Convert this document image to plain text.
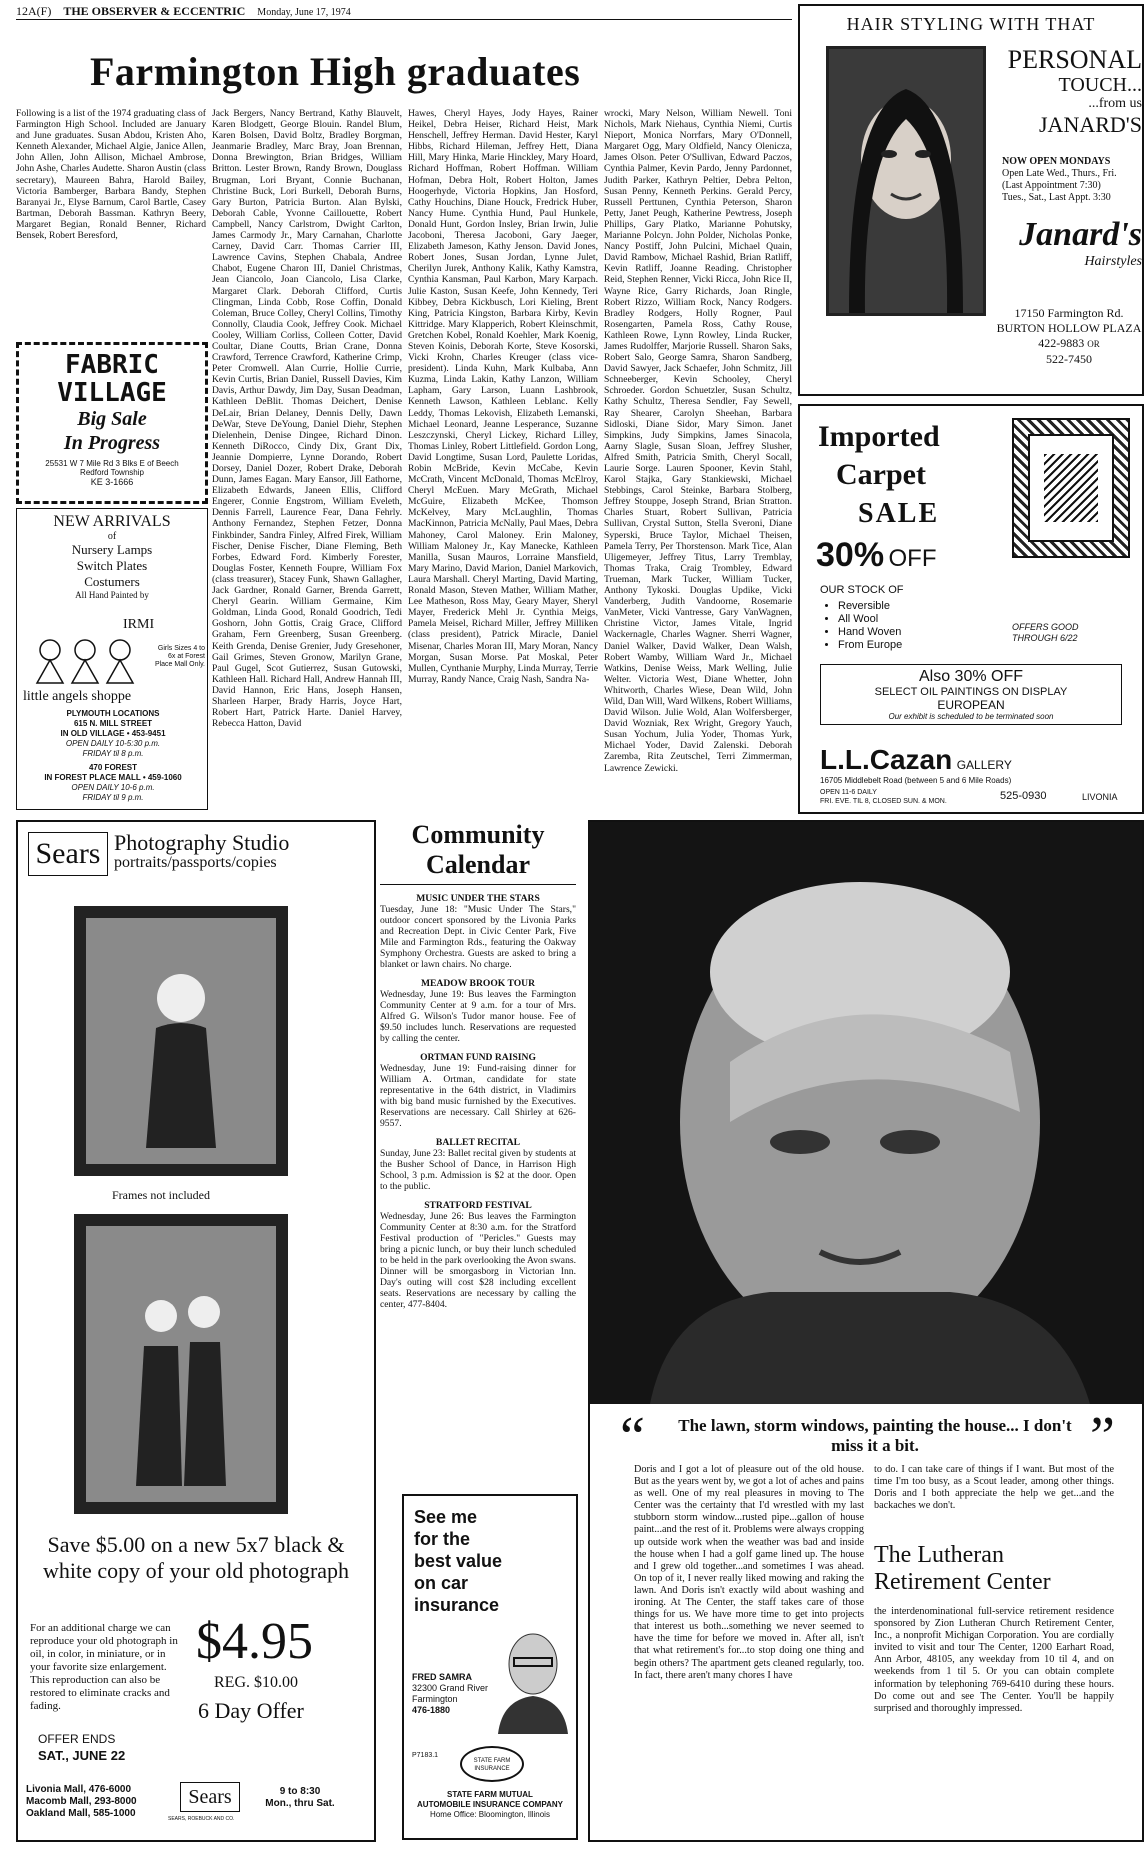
12A(F) THE OBSERVER & ECCENTRIC Monday, June 17, 1974
Farmington High graduates
Following is a list of the 1974 graduating class of Farmington High School. Included are January and June graduates. Susan Abdou, Kristen Aho, Kenneth Alexander, Michael Algie, Janice Allen, John Allen, John Allison, Michael Ambrose, John Ashe, Charles Audette. Sharon Austin (class secretary), Maureen Bahra, Harold Bailey, Victoria Bamberger, Barbara Bandy, Stephen Baranyai Jr., Elyse Barnum, Carol Bartle, Casey Bartman, Deborah Bassman. Kathryn Beery, Margaret Begian, Ronald Benner, Richard Bensek, Robert Beresford,
Jack Bergers, Nancy Bertrand, Kathy Blauvelt, Karen Blodgett, George Blouin. Randel Blum, Karen Bolsen, David Boltz, Bradley Borgman, Jeanmarie Bradley, Marc Bray, Joan Brennan, Donna Brewington, Brian Bridges, William Britton. Lester Brown, Randy Brown, Douglass Brugman, Lori Bryant, Connie Buchanan, Christine Buck, Lori Burkell, Deborah Burns, Gary Burton, Patricia Burton. Alan Bylski, Deborah Cable, Yvonne Caillouette, Robert Campbell, Nancy Carlstrom, Dwight Carlton, James Carmody Jr., Mary Carnahan, Charlotte Carney, David Carr. Thomas Carrier III, Lawrence Cavins, Stephen Chabala, Andree Chabot, Eugene Charon III, Daniel Christmas, Jean Ciancolo, Joan Ciancolo, Lisa Clarke, Margaret Clark. Deborah Clifford, Curtis Clingman, Linda Cobb, Rose Coffin, Donald Coleman, Bruce Colley, Cheryl Collins, Timothy Connolly, Claudia Cook, Jeffrey Cook. Michael Cooley, William Corliss, Colleen Cotter, David Coultar, Diane Coutts, Brian Crane, Donna Crawford, Terrence Crawford, Katherine Crimp, Peter Cromwell. Alan Currie, Hollie Currie, Kevin Curtis, Brian Daniel, Russell Davies, Kim Davis, Arthur Dawdy, Jim Day, Susan Deadman, Kathleen DeBlit. Thomas Deichert, Denise DeLair, Brian Delaney, Dennis Delly, Dawn DeWar, Steve DeYoung, Daniel Diehr, Stephen Dielenhein, Denise Dingee, Richard Dinon. Kenneth DiRocco, Cindy Dix, Grant Dix, Jeannie Dompierre, Lynne Dorando, Robert Dorsey, Daniel Dozer, Robert Drake, Deborah Dunn, James Eagan. Mary Eansor, Jill Eathorne, Elizabeth Edwards, Janeen Ellis, Clifford Engerer, Connie Engstrom, William Eveleth, Dennis Farrell, Laurence Fear, Dana Fehrly. Anthony Fernandez, Stephen Fetzer, Donna Finkbinder, Sandra Finley, Alfred Firek, William Fischer, Denise Fischer, Diane Fleming, Beth Forbes, Edward Ford. Kimberly Forester, Douglas Foster, Kenneth Foupre, William Fox (class treasurer), Stacey Funk, Shawn Gallagher, Jack Gardner, Ronald Garner, Brenda Garrett, Cheryl Gearin. William Germaine, Kim Goldman, Linda Good, Ronald Goodrich, Tedi Goshorn, John Gottis, Craig Grace, Clifford Graham, Fern Greenberg, Susan Greenberg. Keith Grenda, Denise Grenier, Judy Gresehoner, Gail Grimes, Steven Gronow, Marilyn Grane, Paul Gugel, Scot Gutierrez, Susan Gutowski, Kathleen Hall. Richard Hall, Andrew Hannah III, David Hannon, Eric Hans, Joseph Hansen, Sharleen Harper, Brady Harris, Joyce Hart, Robert Hart, Patrick Harte. Daniel Harvey, Rebecca Hatton, David
Hawes, Cheryl Hayes, Jody Hayes, Rainer Heikel, Debra Heiser, Richard Heist, Mark Henschell, Jeffrey Herman. David Hester, Karyl Hibbs, Richard Hileman, Jeffrey Hett, Diana Hill, Mary Hinka, Marie Hinckley, Mary Hoard, Richard Hoffman, Robert Hoffman. William Hofman, Debra Holt, Robert Holton, James Hoogerhyde, Victoria Hopkins, Jan Hosford, Cathy Houchins, Diane Houck, Fredrick Huber, Nancy Hume. Cynthia Hund, Paul Hunkele, Donald Hunt, Gordon Insley, Brian Irwin, Julie Jacoboni, Theresa Jacoboni, Gary Jaeger, Elizabeth Jameson, Kathy Jenson. David Jones, Robert Jones, Susan Jordan, Lynne Julet, Cherilyn Jurek, Anthony Kalik, Kathy Kamstra, Cynthia Kansman, Paul Karbon, Mary Karpach. Julie Kaston, Susan Keefe, John Kennedy, Teri Kibbey, Debra Kickbusch, Lori Kieling, Brent King, Patricia Kingston, Barbara Kirby, Kevin Kittridge. Mary Klapperich, Robert Kleinschmit, Gretchen Kobel, Ronald Koehler, Mark Koenig, Steven Koinis, Deborah Korte, Steve Kosorski, Vicki Krohn, Charles Kreuger (class vice-president). Linda Kuhn, Mark Kulbaba, Ann Kuzma, Linda Lakin, Kathy Lanzon, William Lapham, Gary Larson, Luann Lashbrook, Kenneth Lawson, Kathleen Leblanc. Kelly Leddy, Thomas Lekovish, Elizabeth Lemanski, Michael Leonard, Jeanne Lesperance, Suzanne Leszczynski, Cheryl Lickey, Richard Lilley, Thomas Linley, Robert Littlefield. Gordon Long, David Longtime, Susan Lord, Paulette Loridas, Robin McBride, Kevin McCabe, Kevin McCrath, Vincent McDonald, Thomas McElroy, Cheryl McEuen. Mary McGrath, Michael McGuire, Elizabeth McKee, Thomson McKelvey, Mary McLaughlin, Thomas MacKinnon, Patricia McNally, Paul Maes, Debra Mahoney, Carol Maloney. Erin Maloney, William Maloney Jr., Kay Manecke, Kathleen Manilla, Susan Mauros, Lorraine Mansfield, Mary Marino, David Marion, Daniel Markovich, Laura Marshall. Cheryl Marting, David Marting, Ronald Mason, Steven Mather, William Mather, Lee Matheson, Ross May, Geary Mayer, Sheryl Mayer, Frederick Mehl Jr. Cynthia Meigs, Pamela Meisel, Richard Miller, Jeffrey Milliken (class president), Patrick Miracle, Daniel Misenar, Charles Moran III, Mary Moran, Nancy Morgan, Susan Morse. Pat Moskal, Peter Mullen, Cynthanie Murphy, Linda Murray, Terrie Murray, Randy Nance, Craig Nash, Sandra Na-
wrocki, Mary Nelson, William Newell. Toni Nichols, Mark Niehaus, Cynthia Niemi, Curtis Nieport, Monica Norrfars, Mary O'Donnell, Margaret Ogg, Mary Oldfield, Nancy Olenicza, James Olson. Peter O'Sullivan, Edward Paczos, Cynthia Palmer, Kevin Pardo, Jenny Pardonnet, Judith Parker, Kathryn Peltier, Debra Pelton, Susan Penny, Kenneth Perkins. Gerald Percy, Russell Perttunen, Cynthia Peterson, Sharon Petty, Janet Peugh, Katherine Pewtress, Joseph Phillips, Gary Platko, Marianne Pohutsky, Marianne Polcyn. John Polder, Nicholas Ponke, Nancy Postiff, John Pulcini, Michael Quain, David Rambow, Michael Rashid, Brian Ratliff, Kevin Ratliff, Joanne Reading. Christopher Reid, Stephen Renner, Vicki Ricca, John Rice II, Wayne Rice, Garry Richards, Joan Ringle, Robert Rizzo, William Rock, Nancy Rodgers. Bradley Rodgers, Holly Rogner, Paul Rosengarten, Pamela Ross, Cathy Rouse, Kathleen Rowe, Lynn Rowley, Linda Rucker, James Rudolffer, Marjorie Russell. Sharon Saks, Robert Salo, George Samra, Sharon Sandberg, David Sawyer, Jack Schaefer, John Schmitz, Jill Schneeberger, Kevin Schooley, Cheryl Schroeder. Gordon Schuetzler, Susan Schultz, Kathy Schultz, Theresa Sendler, Fay Sewell, Ray Shearer, Carolyn Sheehan, Barbara Sidloski, Diane Sidor, Mary Simon. Janet Simpkins, Judy Simpkins, James Sinacola, Aarny Slagle, Susan Sloan, Jeffrey Slusher, Alfred Smith, Patricia Smith, Cheryl Socall, Laurie Sorge. Lauren Spooner, Kevin Stahl, Karol Stajka, Gary Stankiewski, Michael Stebbings, Carol Steinke, Barbara Stolberg, Jeffrey Stouppe, Joseph Strand, Brian Stratton. Charles Stuart, Robert Sullivan, Patricia Sullivan, Crystal Sutton, Stella Sveroni, Diane Syperski, Bruce Taylor, Michael Theisen, Pamela Terry, Per Thorstenson. Mark Tice, Alan Uligemeyer, Jeffrey Titus, Larry Tremblay, Thomas Traka, Craig Trombley, Edward Trueman, Mark Tucker, William Tucker, Anthony Tykoski. Douglas Updike, Vicki Vanderberg, Judith Vandoorne, Rosemarie VanMeter, Vicki Vantresse, Gary VanWagnen, Christine Victor, James Vitale, Ingrid Wackernagle, Charles Wagner. Sherri Wagner, Daniel Walker, David Walker, Dean Walsh, Robert Wamby, William Ward Jr., Michael Watkins, Denise Weiss, Mark Welling, Julie Welter. Victoria West, Diane Whetter, John Whitworth, Charles Wiese, Dean Wild, John Wild, Dan Will, Ward Wilkens, Robert Williams, David Wilson. Julie Wold, Alan Wolfersberger, David Wozniak, Rex Wright, Gregory Yauch, Susan Yochum, Julia Yoder, Thomas Yurk, Michael Yoder, David Zalenski. Deborah Zaremba, Rita Zeutschel, Terri Zimmerman, Lawrence Zewicki.
HAIR STYLING WITH THAT
PERSONAL
TOUCH...
...from us
JANARD'S
NOW OPEN MONDAYS
Open Late Wed., Thurs., Fri.
(Last Appointment 7:30)
Tues., Sat., Last Appt. 3:30
Janard's
Hairstyles
17150 Farmington Rd.
BURTON HOLLOW PLAZA
422-9883 OR
522-7450
FABRIC
VILLAGE
Big Sale
In Progress
25531 W 7 Mile Rd 3 Blks E of Beech
Redford Township
KE 3-1666
NEW ARRIVALS
of
Nursery Lamps
Switch Plates
Costumers
All Hand Painted by
IRMI
Girls Sizes 4 to 6x at Forest Place Mall Only.
little angels shoppe
PLYMOUTH LOCATIONS
615 N. MILL STREET
IN OLD VILLAGE • 453-9451
OPEN DAILY 10-5:30 p.m.
FRIDAY til 8 p.m.
470 FOREST
IN FOREST PLACE MALL • 459-1060
OPEN DAILY 10-6 p.m.
FRIDAY til 9 p.m.
Imported
Carpet
SALE
30% OFF
OUR STOCK OF
• Reversible
• All Wool
• Hand Woven
• From Europe
OFFERS GOOD
THROUGH 6/22
Also 30% OFF
SELECT OIL PAINTINGS ON DISPLAY
EUROPEAN
Our exhibit is scheduled to be terminated soon
L.L.Cazan GALLERY
16705 Middlebelt Road (between 5 and 6 Mile Roads)
OPEN 11-6 DAILY
FRI. EVE. TIL 8, CLOSED SUN. & MON.	525-0930	LIVONIA
Sears Photography Studio
portraits/passports/copies
Frames not included
Save $5.00 on a new 5x7 black & white copy of your old photograph
For an additional charge we can reproduce your old photograph in oil, in color, in miniature, or in your favorite size enlargement. This reproduction can also be restored to eliminate cracks and fading.
$4.95
REG. $10.00
6 Day Offer
OFFER ENDS
SAT., JUNE 22
Livonia Mall, 476-6000
Macomb Mall, 293-8000
Oakland Mall, 585-1000
Sears
SEARS, ROEBUCK AND CO.
9 to 8:30
Mon., thru Sat.
Community
Calendar
MUSIC UNDER THE STARS
Tuesday, June 18: "Music Under The Stars," outdoor concert sponsored by the Livonia Parks and Recreation Dept. in Civic Center Park, Five Mile and Farmington Rds., featuring the Oakway Symphony Orchestra. Guests are asked to bring a blanket or lawn chairs. No charge.
MEADOW BROOK TOUR
Wednesday, June 19: Bus leaves the Farmington Community Center at 9 a.m. for a tour of Mrs. Alfred G. Wilson's Tudor manor house. Fee of $9.50 includes lunch. Reservations are requested by calling the center.
ORTMAN FUND RAISING
Wednesday, June 19: Fund-raising dinner for William A. Ortman, candidate for state representative in the 64th district, in Vladimirs with big band music furnished by the Executives. Reservations are necessary. Call Shirley at 626-9557.
BALLET RECITAL
Sunday, June 23: Ballet recital given by students at the Busher School of Dance, in Harrison High School, 3 p.m. Admission is $2 at the door. Open to the public.
STRATFORD FESTIVAL
Wednesday, June 26: Bus leaves the Farmington Community Center at 8:30 a.m. for the Stratford Festival production of "Pericles." Guests may bring a picnic lunch, or buy their lunch scheduled to be held in the park overlooking the Avon swans. Dinner will be smorgasborg in Victorian Inn. Day's outing will cost $28 including excellent seats. Reservations are necessary by calling the center, 477-8404.
See me
for the
best value
on car
insurance
FRED SAMRA
32300 Grand River
Farmington
476-1880
P7183.1
STATE FARM
INSURANCE
STATE FARM MUTUAL
AUTOMOBILE INSURANCE COMPANY
Home Office: Bloomington, Illinois
“	”
The lawn, storm windows, painting the house... I don't miss it a bit.
Doris and I got a lot of pleasure out of the old house. But as the years went by, we got a lot of aches and pains as well. One of my real pleasures in moving to The Center was the certainty that I'd wrestled with my last stubborn storm window...rusted pipe...gallon of house paint...and the rest of it. Problems were always cropping up outside work when the weather was bad and inside the house when I had a golf game lined up. The house and I grew old together...and sometimes I was ahead. On top of it, I never really liked mowing and raking the lawn. And Doris isn't exactly wild about washing and ironing. At The Center, the staff takes care of those things for us. We have more time to get into projects that interest us both...something we never seemed to have the time for before we moved in. After all, isn't that what retirement's for...to stop doing one thing and begin others? The apartment gets cleaned regularly, too. In fact, there aren't many chores I have
to do. I can take care of things if I want. But most of the time I'm too busy, as a Scout leader, among other things. Doris and I both appreciate the help we get...and the backaches we don't.
The Lutheran
Retirement Center
the interdenominational full-service retirement residence sponsored by Zion Lutheran Church Retirement Center, Inc., a nonprofit Michigan Corporation. You are cordially invited to visit and tour The Center, 1200 Earhart Road, Ann Arbor, 48105, any weekday from 10 til 4, and on weekends from 1 til 5. Or you can obtain complete information by telephoning 769-6410 during these hours. Do come out and see The Center. You'll be happily surprised and thoroughly impressed.
